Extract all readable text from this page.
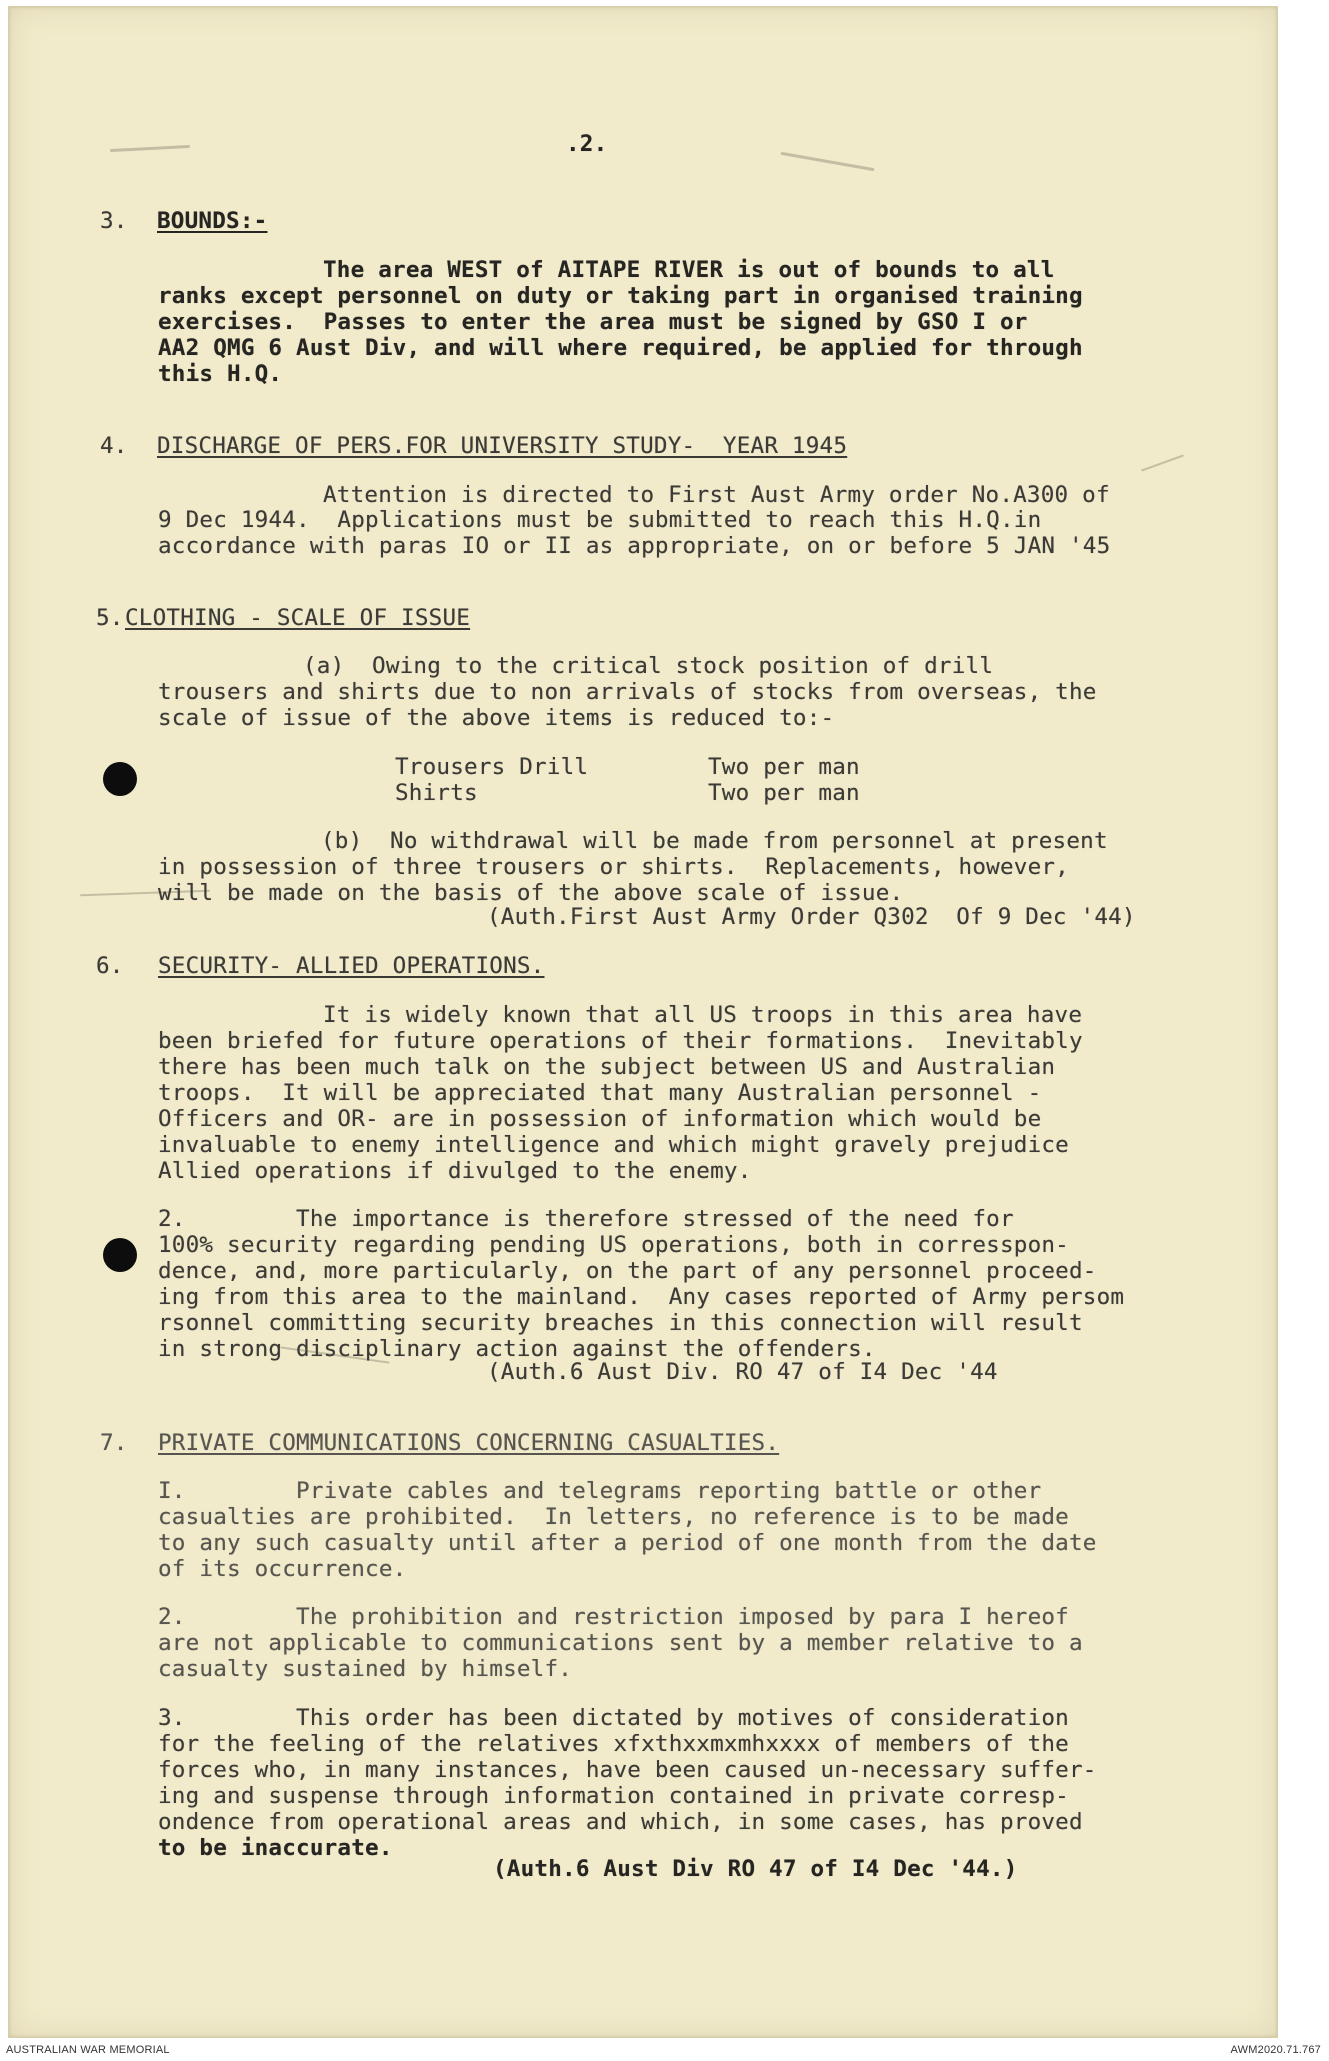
.2.
3. BOUNDS:-
The area WEST of AITAPE RIVER is out of bounds to all
ranks except personnel on duty or taking part in organised training
exercises.  Passes to enter the area must be signed by GSO I or
AA2 QMG 6 Aust Div, and will where required, be applied for through
this H.Q.
4. DISCHARGE OF PERS.FOR UNIVERSITY STUDY-  YEAR 1945
Attention is directed to First Aust Army order No.A300 of
9 Dec 1944.  Applications must be submitted to reach this H.Q.in
accordance with paras IO or II as appropriate, on or before 5 JAN '45
5. CLOTHING - SCALE OF ISSUE
(a)  Owing to the critical stock position of drill
trousers and shirts due to non arrivals of stocks from overseas, the
scale of issue of the above items is reduced to:-
Trousers Drill	Two per man
Shirts	Two per man
(b)  No withdrawal will be made from personnel at present
in possession of three trousers or shirts.  Replacements, however,
will be made on the basis of the above scale of issue.
(Auth.First Aust Army Order Q302  Of 9 Dec '44)
6. SECURITY- ALLIED OPERATIONS.
It is widely known that all US troops in this area have
been briefed for future operations of their formations.  Inevitably
there has been much talk on the subject between US and Australian
troops.  It will be appreciated that many Australian personnel -
Officers and OR- are in possession of information which would be
invaluable to enemy intelligence and which might gravely prejudice
Allied operations if divulged to the enemy.
2.        The importance is therefore stressed of the need for
100% security regarding pending US operations, both in corresspon-
dence, and, more particularly, on the part of any personnel proceed-
ing from this area to the mainland.  Any cases reported of Army persom
rsonnel committing security breaches in this connection will result
in strong disciplinary action against the offenders.
(Auth.6 Aust Div. RO 47 of I4 Dec '44
7. PRIVATE COMMUNICATIONS CONCERNING CASUALTIES.
I.        Private cables and telegrams reporting battle or other
casualties are prohibited.  In letters, no reference is to be made
to any such casualty until after a period of one month from the date
of its occurrence.
2.        The prohibition and restriction imposed by para I hereof
are not applicable to communications sent by a member relative to a
casualty sustained by himself.
3.        This order has been dictated by motives of consideration
for the feeling of the relatives xfxthxxmxmhxxxx of members of the
forces who, in many instances, have been caused un-necessary suffer-
ing and suspense through information contained in private corresp-
ondence from operational areas and which, in some cases, has proved
to be inaccurate.
(Auth.6 Aust Div RO 47 of I4 Dec '44.)
AUSTRALIAN WAR MEMORIAL	AWM2020.71.767
